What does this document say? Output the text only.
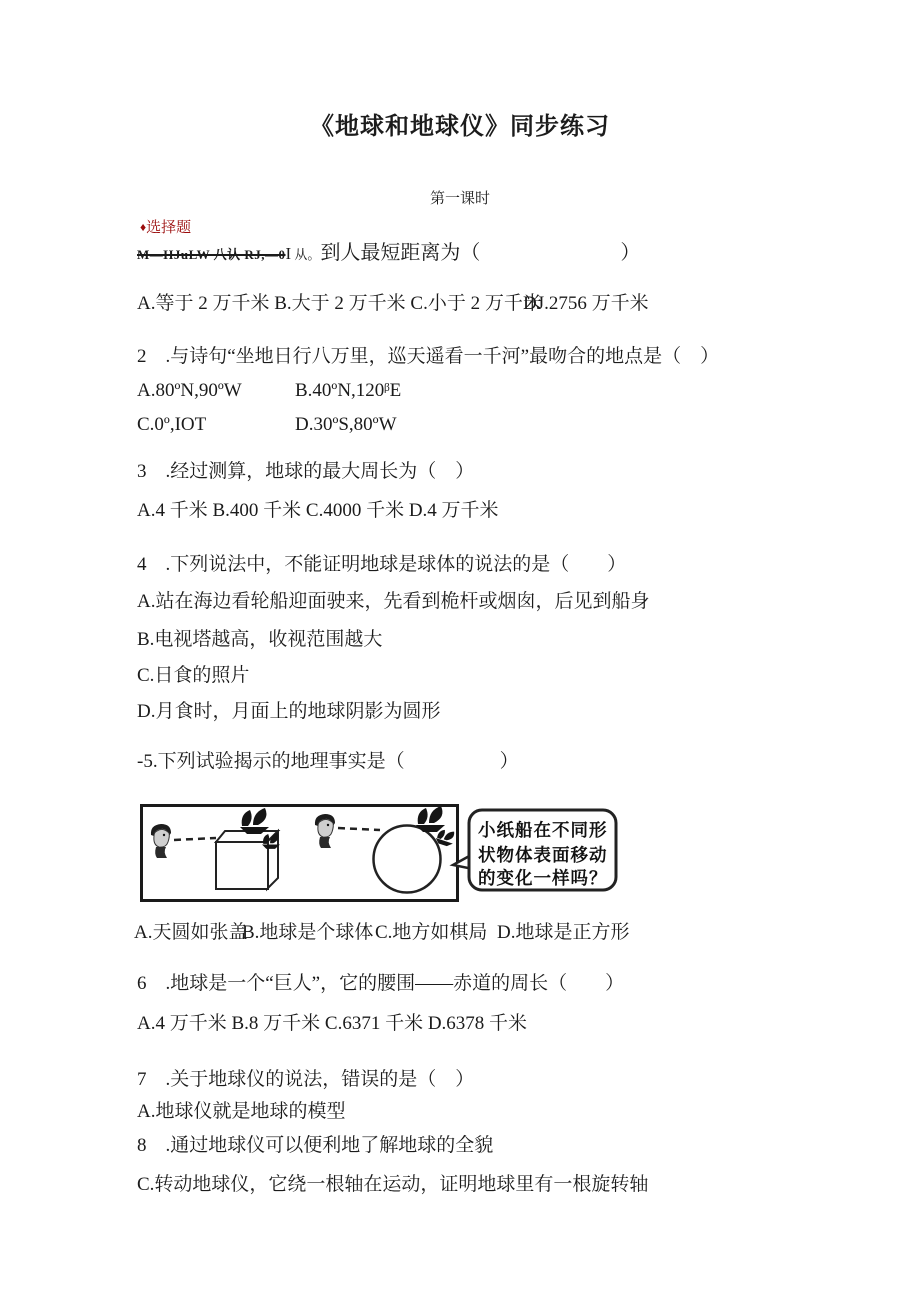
《地球和地球仪》同步练习
第一课时
♦选择题
M—HJuLW 八认 RJ,—0I 从。到人最短距离为（　　　　　　　）
A.等于 2 万千米 B.大于 2 万千米 C.小于 2 万千米
DJ.2756 万千米
2　.与诗句“坐地日行八万里，巡天遥看一千河”最吻合的地点是（　）
A.80ºN,90ºW	B.40ºN,120ᵝE
C.0º,IOT	D.30ºS,80ºW
3　.经过测算，地球的最大周长为（　）
A.4 千米 B.400 千米 C.4000 千米 D.4 万千米
4　.下列说法中，不能证明地球是球体的说法的是（　　）
A.站在海边看轮船迎面驶来，先看到桅杆或烟囱，后见到船身
B.电视塔越高，收视范围越大
C.日食的照片
D.月食时，月面上的地球阴影为圆形
-5.下列试验揭示的地理事实是（　　　　　）
小纸船在不同形
状物体表面移动
的变化一样吗？
A.天圆如张盖
B.地球是个球体 C.地方如棋局 D.地球是正方形
6　.地球是一个“巨人”，它的腰围——赤道的周长（　　）
A.4 万千米 B.8 万千米 C.6371 千米 D.6378 千米
7　.关于地球仪的说法，错误的是（　）
A.地球仪就是地球的模型
8　.通过地球仪可以便利地了解地球的全貌
C.转动地球仪，它绕一根轴在运动，证明地球里有一根旋转轴
